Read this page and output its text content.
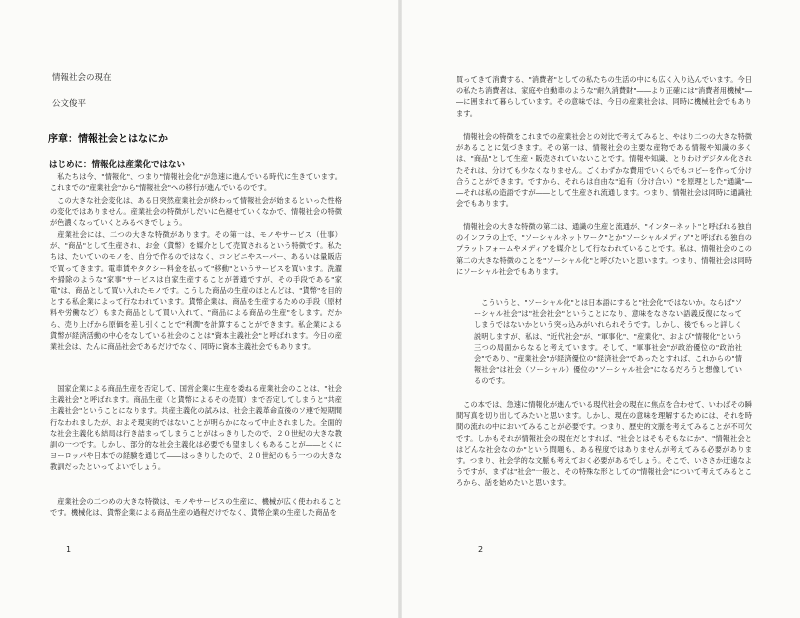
情報社会の現在
公文俊平
序章：情報社会とはなにか
はじめに：情報化は産業化ではない
私たちは今、"情報化"、つまり"情報社会化"が急速に進んでいる時代に生きています。これまでの"産業社会"から"情報社会"への移行が進んでいるのです。
この大きな社会変化は、ある日突然産業社会が終わって情報社会が始まるといった性格の変化ではありません。産業社会の特徴がしだいに色褪せていくなかで、情報社会の特徴が色濃くなっていくとみるべきでしょう。
産業社会には、二つの大きな特徴があります。その第一は、モノやサービス（仕事）が、"商品"として生産され、お金（貨幣）を媒介として売買されるという特徴です。私たちは、たいていのモノを、自分で作るのではなく、コンビニやスーパー、あるいは量販店で買ってきます。電車賃やタクシー料金を払って"移動"というサービスを買います。洗濯や掃除のような"家事"サービスは自家生産することが普通ですが、その手段である"家電"は、商品として買い入れたモノです。こうした商品の生産のほとんどは、"貨幣"を目的とする私企業によって行なわれています。貨幣企業は、商品を生産するための手段（原材料や労働など）もまた商品として買い入れて、"商品による商品の生産"をします。だから、売り上げから原価を差し引くことで"利潤"を計算することができます。私企業による貨幣が経済活動の中心をなしている社会のことは"資本主義社会"と呼ばれます。今日の産業社会は、たんに商品社会であるだけでなく、同時に資本主義社会でもあります。
国家企業による商品生産を否定して、国営企業に生産を委ねる産業社会のことは、"社会主義社会"と呼ばれます。商品生産（と貨幣によるその売買）まで否定してしまうと"共産主義社会"ということになります。共産主義化の試みは、社会主義革命直後のソ連で短期間行なわれましたが、およそ現実的ではないことが明らかになって中止されました。全面的な社会主義化も結局は行き詰まってしまうことがはっきりしたので、２０世紀の大きな教訓の一つです。しかし、部分的な社会主義化は必要でも望ましくもあることが――とくにヨーロッパや日本での経験を通じて――はっきりしたので、２０世紀のもう一つの大きな教訓だったといってよいでしょう。
産業社会の二つめの大きな特徴は、モノやサービスの生産に、機械が広く使われることです。機械化は、貨幣企業による商品生産の過程だけでなく、貨幣企業の生産した商品を
1
買ってきて消費する、"消費者"としての私たちの生活の中にも広く入り込んでいます。今日の私たち消費者は、家庭や自動車のような"耐久消費財"――より正確には"消費者用機械"――に囲まれて暮らしています。その意味では、今日の産業社会は、同時に機械社会でもあります。
情報社会の特徴をこれまでの産業社会との対比で考えてみると、やはり二つの大きな特徴があることに気づきます。その第一は、情報社会の主要な産物である情報や知識の多くは、"商品"として生産・販売されていないことです。情報や知識、とりわけデジタル化されたそれは、分けても少なくなりません。ごくわずかな費用でいくらでもコピーを作って分け合うことができます。ですから、それらは自由な"追有（分け合い）"を原理とした"通識"――それは私の造語ですが――として生産され流通します。つまり、情報社会は同時に通識社会でもあります。
情報社会の大きな特徴の第二は、通識の生産と流通が、"インターネット"と呼ばれる独自のインフラの上で、"ソーシャルネットワーク"とか"ソーシャルメディア"と呼ばれる独自のプラットフォームやメディアを媒介として行なわれていることです。私は、情報社会のこの第二の大きな特徴のことを"ソーシャル化"と呼びたいと思います。つまり、情報社会は同時にソーシャル社会でもあります。
こういうと、"ソーシャル化"とは日本語にすると"社会化"ではないか。ならば"ソーシャル社会"は"社会社会"ということになり、意味をなさない語義反復になってしまうではないかという突っ込みがいれられそうです。しかし、後でもっと詳しく説明しますが、私は、"近代社会"が、"軍事化"、"産業化"、および"情報化"という三つの局面からなると考えています。そして、"軍事社会"が政治優位の"政治社会"であり、"産業社会"が経済優位の"経済社会"であったとすれば、これからの"情報社会"は社会（ソーシャル）優位の"ソーシャル社会"になるだろうと想像しているのです。
この本では、急速に情報化が進んでいる現代社会の現在に焦点を合わせて、いわばその瞬間写真を切り出してみたいと思います。しかし、現在の意味を理解するためには、それを時間の流れの中においてみることが必要です。つまり、歴史的文脈を考えてみることが不可欠です。しかもそれが情報社会の現在だとすれば、"社会とはそもそもなにか"、"情報社会とはどんな社会なのか"という問題も、ある程度ではありませんが考えてみる必要があります。つまり、社会学的な文脈も考えておく必要があるでしょう。そこで、いささか迂遠なようですが、まずは"社会"一般と、その特殊な形としての"情報社会"について考えてみるところから、話を始めたいと思います。
2
